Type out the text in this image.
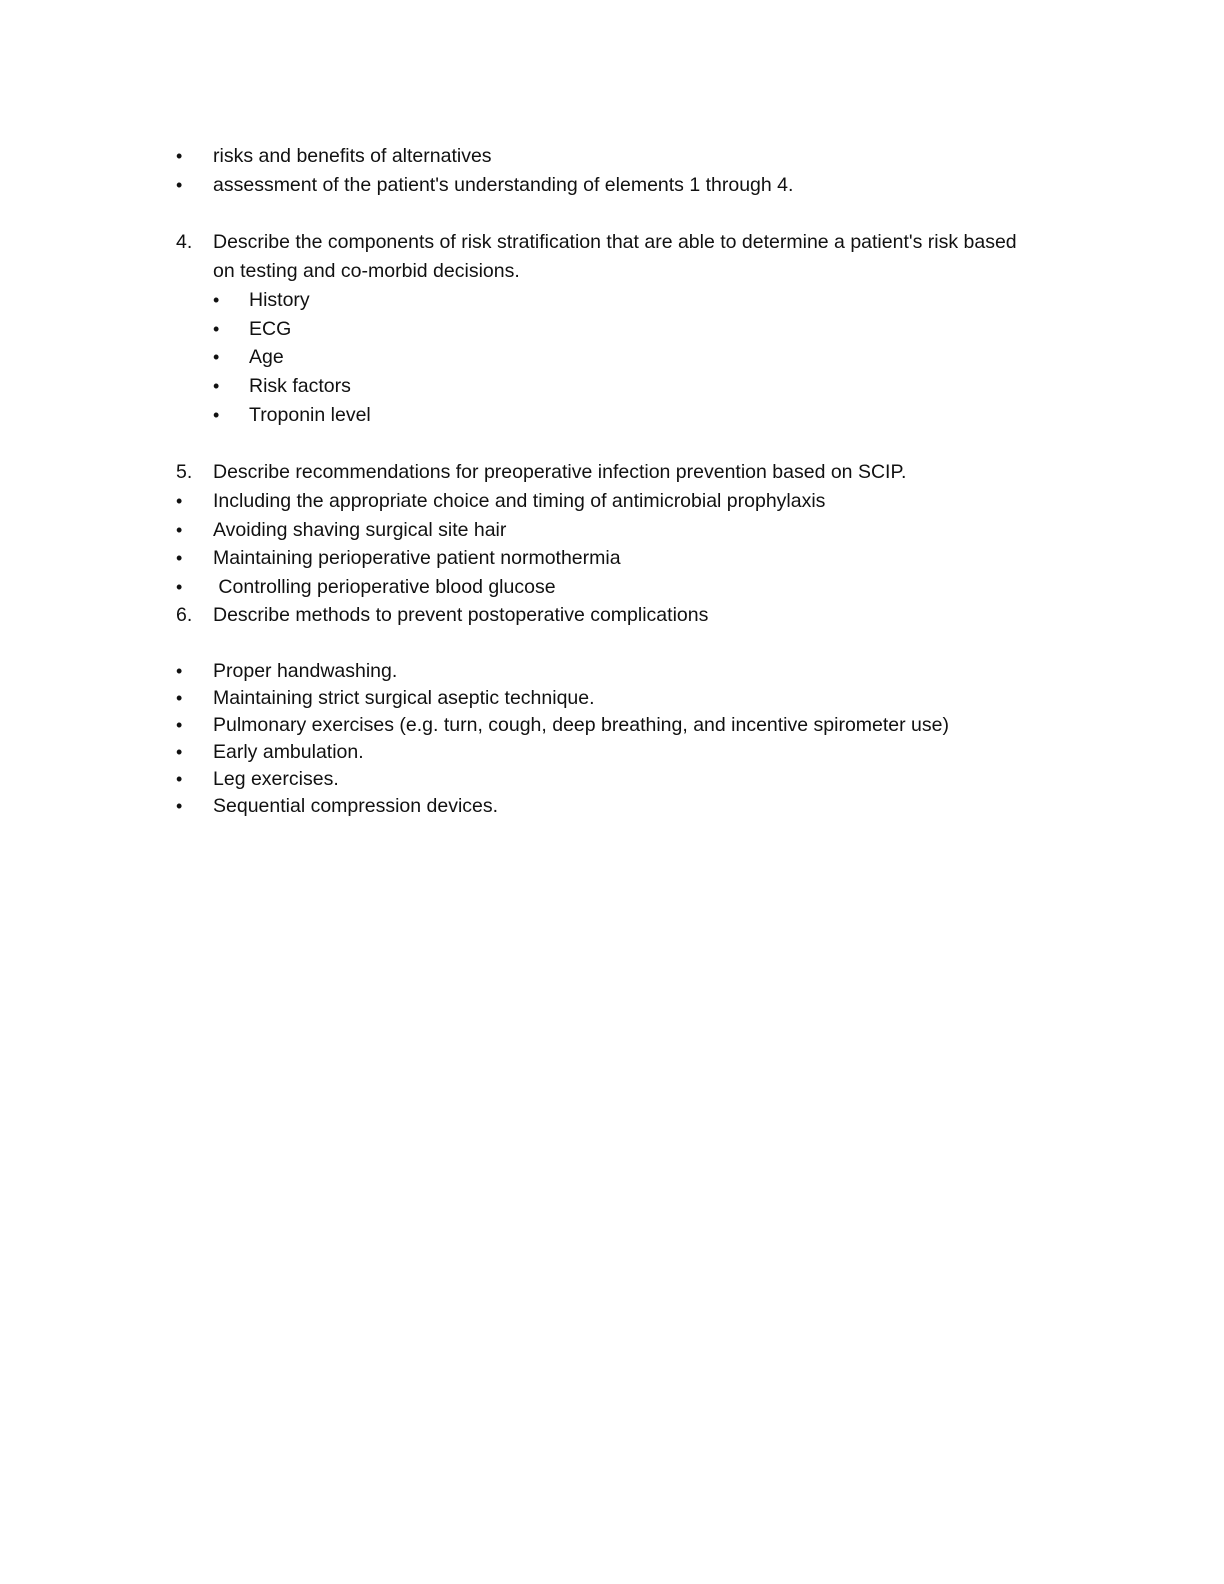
• risks and benefits of alternatives
• assessment of the patient's understanding of elements 1 through 4.
4. Describe the components of risk stratification that are able to determine a patient's risk based
on testing and co-morbid decisions.
• History
• ECG
• Age
• Risk factors
• Troponin level
5. Describe recommendations for preoperative infection prevention based on SCIP.
• Including the appropriate choice and timing of antimicrobial prophylaxis
• Avoiding shaving surgical site hair
• Maintaining perioperative patient normothermia
• Controlling perioperative blood glucose
6. Describe methods to prevent postoperative complications
• Proper handwashing.
• Maintaining strict surgical aseptic technique.
• Pulmonary exercises (e.g. turn, cough, deep breathing, and incentive spirometer use)
• Early ambulation.
• Leg exercises.
• Sequential compression devices.
